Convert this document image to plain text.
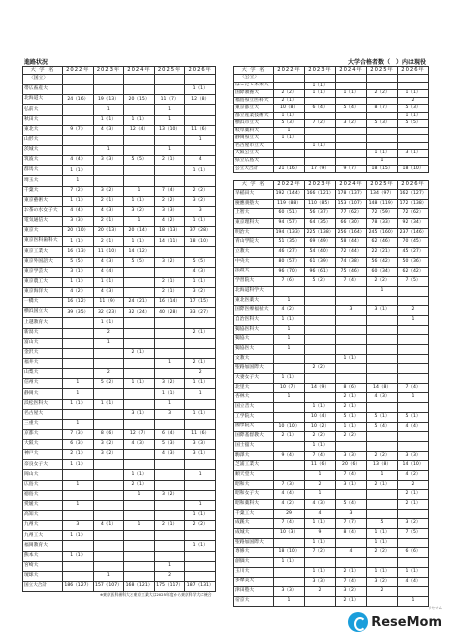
進路状況	大学合格者数（　）内は現役
大 学 名	2022年	2023年	2024年	2025年	2026年
〈国立〉					
帯広畜産大					1（1）
北海道大	24（16）	19（13）	20（15）	11（7）	12（8）
弘前大		1		1	
秋田大		1（1）	1（1）	1	
東北大	9（7）	4（3）	12（4）	13（10）	11（6）
山形大					1
茨城大		1		1	
筑波大	4（4）	3（3）	5（5）	2（1）	4
群馬大	1（1）				1（1）
埼玉大	1				
千葉大	7（2）	3（2）	1	7（4）	2（2）
東京藝術大	1（1）	2（1）	1（1）	2（2）	3（2）
お茶の水女子大	4（4）	4（3）	3（2）	3（3）	3
電気通信大	3（3）	2（1）	1	4（2）	1（1）
東京大	20（10）	20（13）	20（14）	18（13）	37（28）
東京医科歯科大	1（1）	2（1）	1（1）	14（11）	18（10）
東京工業大	16（13）	11（10）	14（12）		
東京外国語大	5（5）	4（3）	5（5）	3（2）	5（5）
東京学芸大	3（1）	4（4）			4（3）
東京農工大	1（1）	1（1）		2（1）	1（1）
東京海洋大	4（2）	4（3）		2（1）	3（2）
一橋大	16（12）	11（9）	24（21）	16（14）	17（15）
横浜国立大	39（35）	32（23）	32（24）	40（28）	33（27）
上越教育大		1（1）			
新潟大		2			2（1）
富山大		1			
金沢大			2（1）		
福井大				1	2（1）
山梨大		2			2
信州大	1	5（2）	1（1）	3（2）	1（1）
静岡大	1			1（1）	1
浜松医科大	1（1）	1（1）		1	
名古屋大			3（1）	3	1（1）
三重大	1				
京都大	7（3）	8（6）	12（7）	6（4）	11（6）
大阪大	6（3）	3（2）	4（3）	5（3）	3（3）
神戸大	2（1）	3（2）		4（3）	3（1）
奈良女子大	1（1）				
岡山大			1（1）		1
広島大	1		2（1）		
徳島大			1	3（2）	
愛媛大	1				1
高知大					1（1）
九州大	3	4（1）	1	2（1）	2（2）
九州工大	1（1）				
福岡教育大					1（1）
熊本大	1（1）				
宮崎大				1	
琉球大		1		2	
国立大合計	186（127）	157（107）	168（121）	175（117）	187（131）
大 学 名	2022年	2023年	2024年	2025年	2026年
〈公立〉					
はこだて未来大		1（1）			
国際教養大	2（2）	1（1）	1（1）	2（2）	1（1）
福島県立医科大	2（1）				2
東京都立大	10（8）	6（4）	5（4）	8（7）	5（3）
都立産業技術大	1（1）				1（1）
横浜市立大	5（3）	7（2）	3（2）	5（3）	5（5）
岐阜薬科大	1				
静岡県立大	1（1）				
名古屋市立大		1（1）			
大阪公立大				1（1）	3（1）
県立広島大				1	
公立大合計	21（16）	17（9）	9（7）	18（15）	18（10）
大 学 名	2022年	2023年	2024年	2025年	2026年
早稲田大	192（144）	166（121）	178（137）	134（97）	162（127）
慶應義塾大	119（88）	110（85）	153（107）	148（119）	172（138）
上智大	60（51）	56（37）	77（62）	72（59）	72（62）
東京理科大	94（57）	64（35）	66（30）	78（33）	92（34）
明治大	194（133）	225（138）	256（164）	245（160）	237（146）
青山学院大	51（35）	69（49）	58（44）	62（46）	70（45）
立教大	46（27）	54（40）	72（44）	22（21）	45（27）
中央大	80（57）	61（39）	74（38）	56（42）	50（36）
法政大	96（70）	96（61）	75（46）	60（34）	62（42）
学習院大	7（6）	5（2）	7（4）	2（2）	7（5）
北海道科学大				1	
東北医薬大	1				
国際医療福祉大	4（2）		3	3（1）	2
自治医科大	1（1）				1
獨協医科大	1				
獨協大	1				
獨協医大	1				
文教大			1（1）		
聖路加国際大		2（2）			
大妻女子大	1（1）				
北里大	10（7）	14（9）	8（6）	14（8）	7（4）
杏林大	1		2（1）	4（3）	1
国立音大		1（1）	2（1）		
工学院大		10（4）	5（1）	5（1）	5（1）
國學院大	10（10）	10（2）	1（1）	5（4）	4（4）
国際基督教大	2（1）	2（2）	2（2）		
国士舘大		1（1）			
駒澤大	9（4）	7（4）	3（3）	2（2）	3（3）
芝浦工業大		11（6）	20（6）	13（8）	14（10）
順天堂大		1	7（4）	1	4（2）
昭和大	7（3）	2	3（1）	2（1）	2
昭和女子大	4（4）	1			2（1）
昭和薬科大	4（2）	4（3）	5（4）		2（1）
千葉工大	29	4	3		
成蹊大	7（4）	1（1）	7（7）	5	3（2）
成城大	10（3）	9	8（4）	1（1）	7（5）
聖路加国際大		1（1）		1（1）	
専修大	18（10）	7（2）	4	2（2）	6（6）
創価大	1（1）				
玉川大		1（1）	2（1）	1（1）	1（1）
多摩美大		3（3）	7（4）	3（2）	4（4）
津田塾大	3（3）	2	3（2）	2	
帝京大	1		2（1）		1
※東京医科歯科大と東京工業大は2025年度から東京科学大に統合
リセマム
ReseMom
